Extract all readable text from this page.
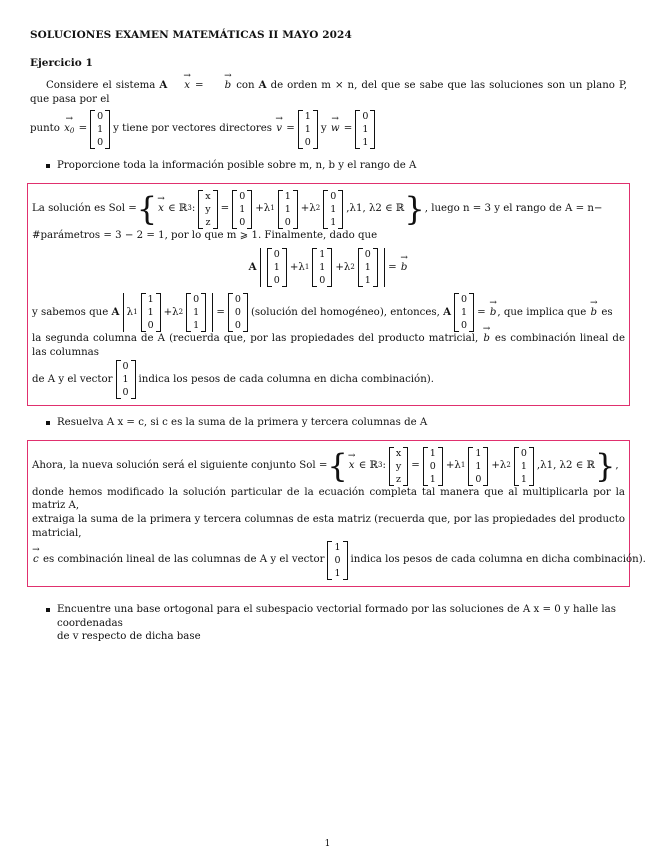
SOLUCIONES EXAMEN MATEMÁTICAS II MAYO 2024
Ejercicio 1

Considere el sistema A x → = b → con A de orden m × n, del que se sabe que las soluciones son un plano P, que pasa por el

punto
$x_0$ → =
0
1
0
y tiene por vectores directores
v → =
1
1
0
y
w → =
0
1
1
Proporcione toda la información posible sobre m, n, b y el rango de A
La solución es Sol = { x → ∈ ℝ 3 :
x
y
z
=
0
1
0
+λ 1
1
1
0
+λ 2
0
1
1
, λ1, λ2 ∈ ℝ } , luego n = 3 y el rango de A = n−

#parámetros = 3 − 2 = 1, por lo que m ⩾ 1. Finalmente, dado que

A

0
1
0
+λ 1
1
1
0
+λ 2
0
1
1
= b →
y sabemos que
A
λ 1
1
1
0
+λ 2
0
1
1
=
0
0
0
(solución del homogéneo), entonces,
A
0
1
0
= b → , que implica que
b →
es

la segunda columna de A (recuerda que, por las propiedades del producto matricial, b → es combinación lineal de las columnas

de A y el vector
0
1
0
indica los pesos de cada columna en dicha combinación).
Resuelva A x = c, si c es la suma de la primera y tercera columnas de A
Ahora, la nueva solución será el siguiente conjunto Sol = { x → ∈ ℝ 3 :
x
y
z
=
1
0
1
+λ 1
1
1
0
+λ 2
0
1
1
, λ1, λ2 ∈ ℝ } ,

donde hemos modificado la solución particular de la ecuación completa tal manera que al multiplicarla por la matriz A,

extraiga la suma de la primera y tercera columnas de esta matriz (recuerda que, por las propiedades del producto matricial,

c →
es combinación lineal de las columnas de A y el vector
1
0
1
indica los pesos de cada columna en dicha combinación).
Encuentre una base ortogonal para el subespacio vectorial formado por las soluciones de A x = 0 y halle las coordenadas
de v respecto de dicha base
1
